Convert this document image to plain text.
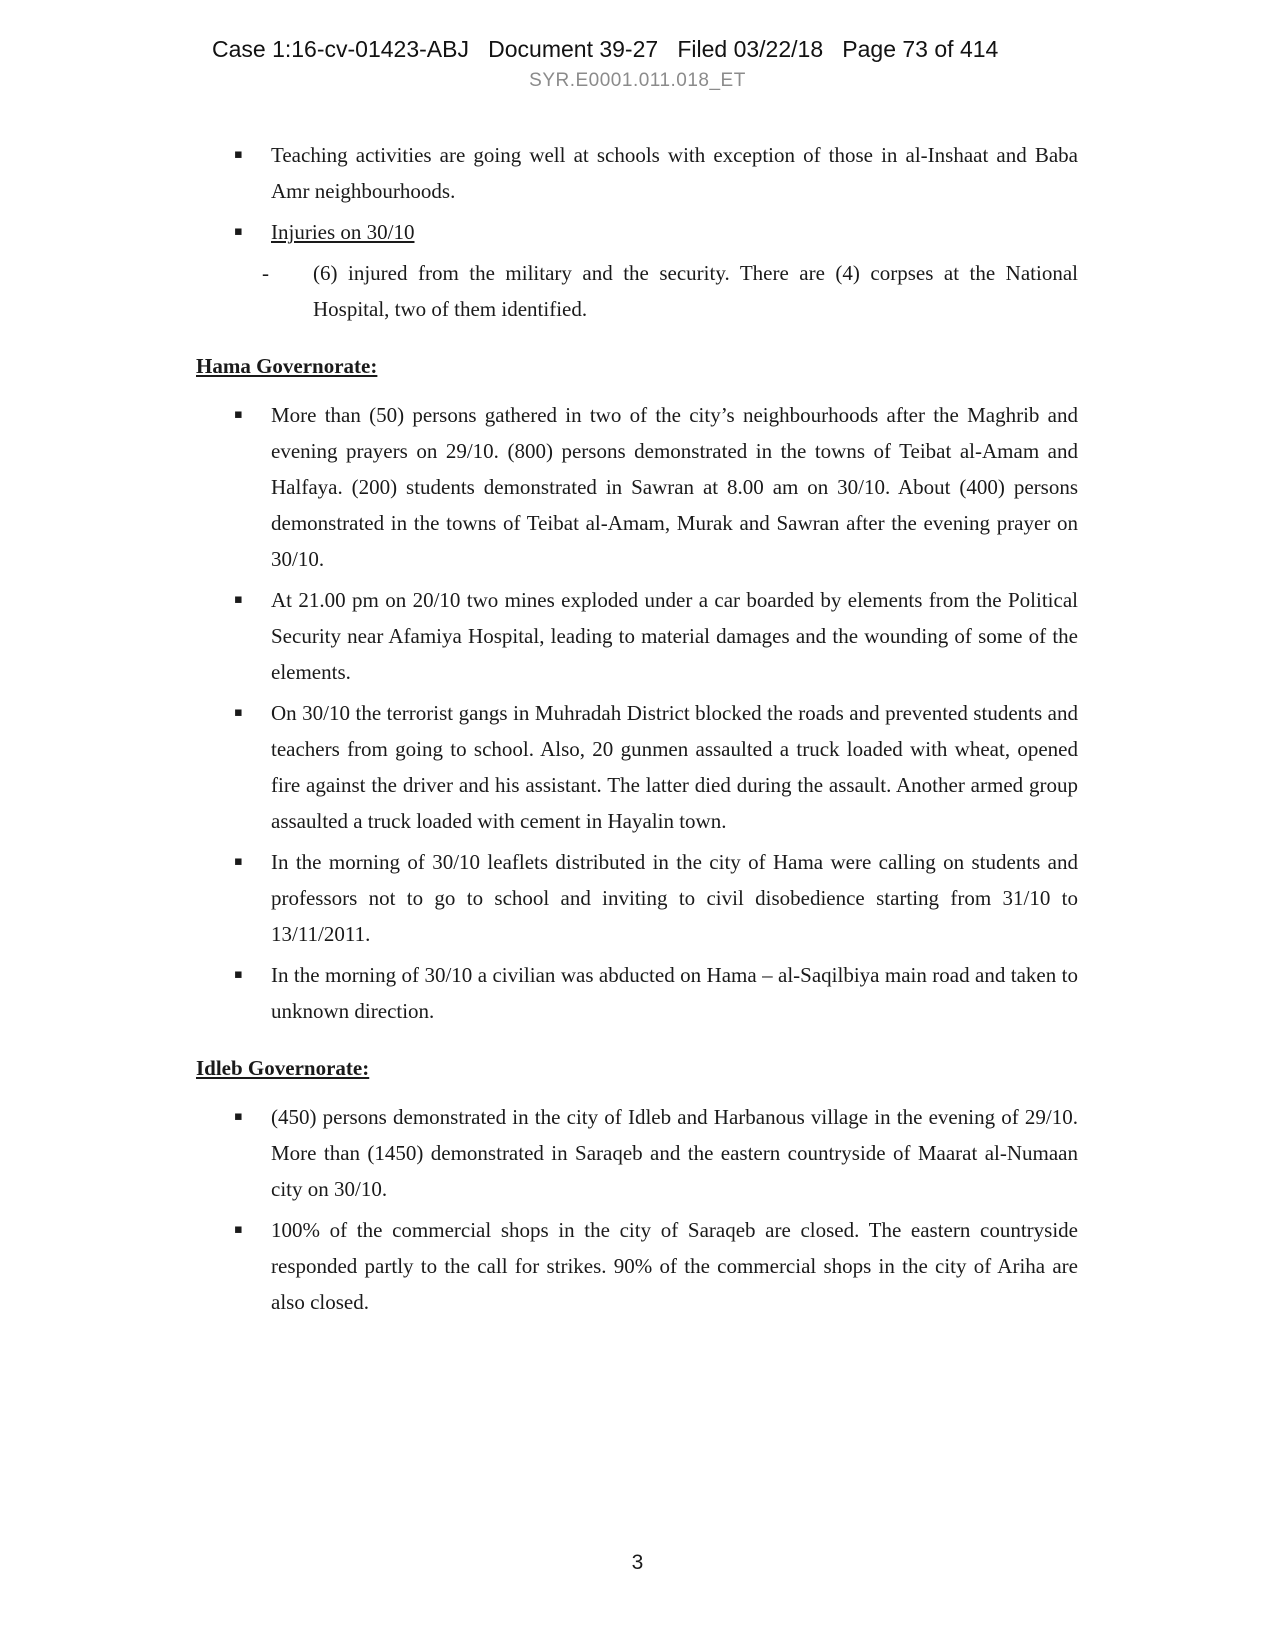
Case 1:16-cv-01423-ABJ   Document 39-27   Filed 03/22/18   Page 73 of 414
SYR.E0001.011.018_ET
▪	Teaching activities are going well at schools with exception of those in al-Inshaat and Baba Amr neighbourhoods.
▪	Injuries on 30/10
-	(6) injured from the military and the security. There are (4) corpses at the National Hospital, two of them identified.
Hama Governorate:
▪	More than (50) persons gathered in two of the city’s neighbourhoods after the Maghrib and evening prayers on 29/10. (800) persons demonstrated in the towns of Teibat al-Amam and Halfaya. (200) students demonstrated in Sawran at 8.00 am on 30/10. About (400) persons demonstrated in the towns of Teibat al-Amam, Murak and Sawran after the evening prayer on 30/10.
▪	At 21.00 pm on 20/10 two mines exploded under a car boarded by elements from the Political Security near Afamiya Hospital, leading to material damages and the wounding of some of the elements.
▪	On 30/10 the terrorist gangs in Muhradah District blocked the roads and prevented students and teachers from going to school. Also, 20 gunmen assaulted a truck loaded with wheat, opened fire against the driver and his assistant. The latter died during the assault. Another armed group assaulted a truck loaded with cement in Hayalin town.
▪	In the morning of 30/10 leaflets distributed in the city of Hama were calling on students and professors not to go to school and inviting to civil disobedience starting from 31/10 to 13/11/2011.
▪	In the morning of 30/10 a civilian was abducted on Hama – al-Saqilbiya main road and taken to unknown direction.
Idleb Governorate:
▪	(450) persons demonstrated in the city of Idleb and Harbanous village in the evening of 29/10. More than (1450) demonstrated in Saraqeb and the eastern countryside of Maarat al-Numaan city on 30/10.
▪	100% of the commercial shops in the city of Saraqeb are closed. The eastern countryside responded partly to the call for strikes. 90% of the commercial shops in the city of Ariha are also closed.
3
